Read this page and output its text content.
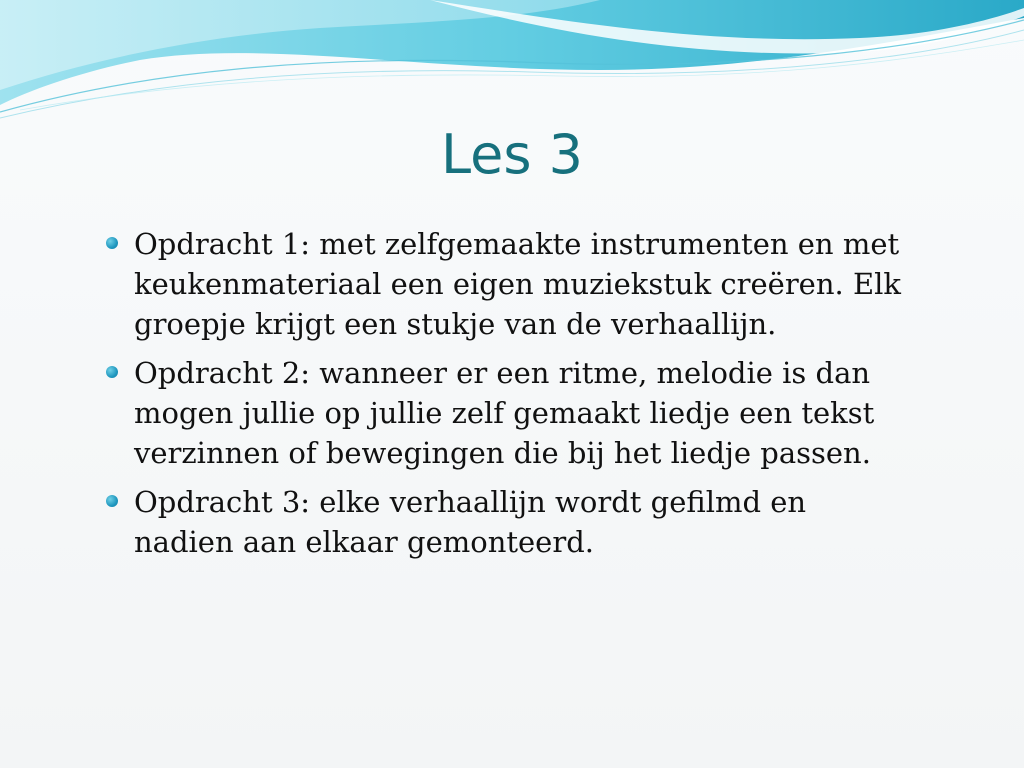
Les 3
Opdracht 1: met zelfgemaakte instrumenten en met keukenmateriaal een eigen muziekstuk creëren. Elk groepje krijgt een stukje van de verhaallijn.
Opdracht 2: wanneer er een ritme, melodie is dan mogen jullie op jullie zelf gemaakt liedje een tekst verzinnen of bewegingen die bij het liedje passen.
Opdracht 3: elke verhaallijn wordt gefilmd en nadien aan elkaar gemonteerd.
